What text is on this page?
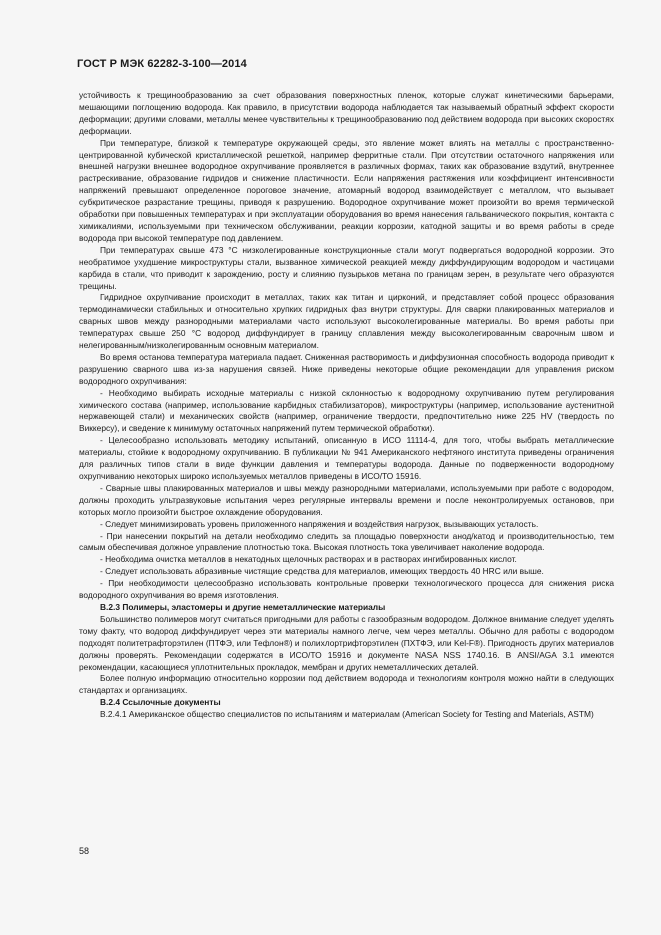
ГОСТ Р МЭК 62282-3-100—2014

устойчивость к трещинообразованию за счет образования поверхностных пленок, которые служат кинетическими барьерами, мешающими поглощению водорода. Как правило, в присутствии водорода наблюдается так называемый обратный эффект скорости деформации; другими словами, металлы менее чувствительны к трещинообразованию под действием водорода при высоких скоростях деформации.

При температуре, близкой к температуре окружающей среды, это явление может влиять на металлы с пространственно-центрированной кубической кристаллической решеткой, например ферритные стали. При отсутствии остаточного напряжения или внешней нагрузки внешнее водородное охрупчивание проявляется в различных формах, таких как образование вздутий, внутреннее растрескивание, образование гидридов и снижение пластичности. Если напряжения растяжения или коэффициент интенсивности напряжений превышают определенное пороговое значение, атомарный водород взаимодействует с металлом, что вызывает субкритическое разрастание трещины, приводя к разрушению. Водородное охрупчивание может произойти во время термической обработки при повышенных температурах и при эксплуатации оборудования во время нанесения гальванического покрытия, контакта с химикалиями, используемыми при техническом обслуживании, реакции коррозии, катодной защиты и во время работы в среде водорода при высокой температуре под давлением.

При температурах свыше 473 °С низколегированные конструкционные стали могут подвергаться водородной коррозии. Это необратимое ухудшение микроструктуры стали, вызванное химической реакцией между диффундирующим водородом и частицами карбида в стали, что приводит к зарождению, росту и слиянию пузырьков метана по границам зерен, в результате чего образуются трещины.

Гидридное охрупчивание происходит в металлах, таких как титан и цирконий, и представляет собой процесс образования термодинамически стабильных и относительно хрупких гидридных фаз внутри структуры. Для сварки плакированных материалов и сварных швов между разнородными материалами часто используют высоколегированные материалы. Во время работы при температурах свыше 250 °С водород диффундирует в границу сплавления между высоколегированным сварочным швом и нелегированным/низколегированным основным материалом.

Во время останова температура материала падает. Сниженная растворимость и диффузионная способность водорода приводит к разрушению сварного шва из-за нарушения связей. Ниже приведены некоторые общие рекомендации для управления риском водородного охрупчивания:

- Необходимо выбирать исходные материалы с низкой склонностью к водородному охрупчиванию путем регулирования химического состава (например, использование карбидных стабилизаторов), микроструктуры (например, использование аустенитной нержавеющей стали) и механических свойств (например, ограничение твердости, предпочтительно ниже 225 HV (твердость по Виккерсу), и сведение к минимуму остаточных напряжений путем термической обработки).

- Целесообразно использовать методику испытаний, описанную в ИСО 11114-4, для того, чтобы выбрать металлические материалы, стойкие к водородному охрупчиванию. В публикации № 941 Американского нефтяного института приведены ограничения для различных типов стали в виде функции давления и температуры водорода. Данные по подверженности водородному охрупчиванию некоторых широко используемых металлов приведены в ИСО/ТО 15916.

- Сварные швы плакированных материалов и швы между разнородными материалами, используемыми при работе с водородом, должны проходить ультразвуковые испытания через регулярные интервалы времени и после неконтролируемых остановов, при которых могло произойти быстрое охлаждение оборудования.

- Следует минимизировать уровень приложенного напряжения и воздействия нагрузок, вызывающих усталость.

- При нанесении покрытий на детали необходимо следить за площадью поверхности анод/катод и производительностью, тем самым обеспечивая должное управление плотностью тока. Высокая плотность тока увеличивает наколение водорода.

- Необходима очистка металлов в некатодных щелочных растворах и в растворах ингибированных кислот.

- Следует использовать абразивные чистящие средства для материалов, имеющих твердость 40 HRC или выше.

- При необходимости целесообразно использовать контрольные проверки технологического процесса для снижения риска водородного охрупчивания во время изготовления.

В.2.3 Полимеры, эластомеры и другие неметаллические материалы

Большинство полимеров могут считаться пригодными для работы с газообразным водородом. Должное внимание следует уделять тому факту, что водород диффундирует через эти материалы намного легче, чем через металлы. Обычно для работы с водородом подходят политетрафторэтилен (ПТФЭ, или Тефлон®) и полихлортрифторэтилен (ПХТФЭ, или Kel-F®). Пригодность других материалов должны проверять. Рекомендации содержатся в ИСО/ТО 15916 и документе NASA NSS 1740.16. В ANSI/AGA 3.1 имеются рекомендации, касающиеся уплотнительных прокладок, мембран и других неметаллических деталей.

Более полную информацию относительно коррозии под действием водорода и технологиям контроля можно найти в следующих стандартах и организациях.

В.2.4 Ссылочные документы

В.2.4.1 Американское общество специалистов по испытаниям и материалам (American Society for Testing and Materials, ASTM)

58
